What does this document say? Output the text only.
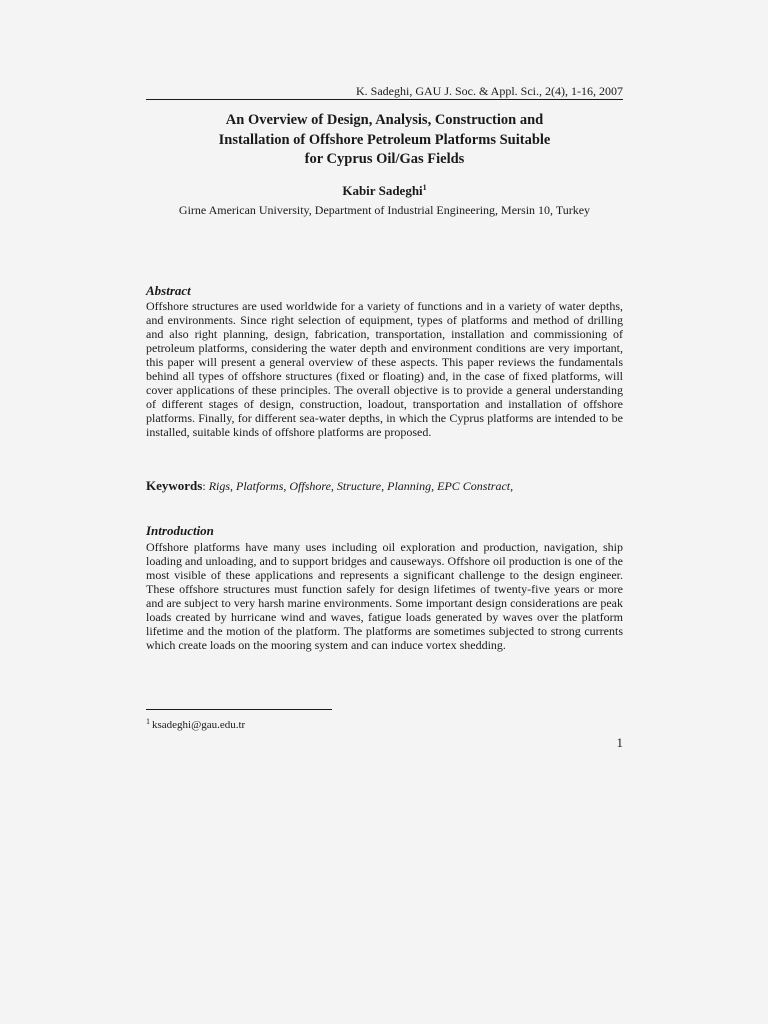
K. Sadeghi, GAU J. Soc. & Appl. Sci., 2(4), 1-16, 2007
An Overview of Design, Analysis, Construction and
Installation of Offshore Petroleum Platforms Suitable
for Cyprus Oil/Gas Fields
Kabir Sadeghi$^1$
Girne American University, Department of Industrial Engineering, Mersin 10, Turkey
Abstract
Offshore structures are used worldwide for a variety of functions and in a variety of water depths, and environments. Since right selection of equipment, types of platforms and method of drilling and also right planning, design, fabrication, transportation, installation and commissioning of petroleum platforms, considering the water depth and environment conditions are very important, this paper will present a general overview of these aspects. This paper reviews the fundamentals behind all types of offshore structures (fixed or floating) and, in the case of fixed platforms, will cover applications of these principles. The overall objective is to provide a general understanding of different stages of design, construction, loadout, transportation and installation of offshore platforms. Finally, for different sea-water depths, in which the Cyprus platforms are intended to be installed, suitable kinds of offshore platforms are proposed.
Keywords: Rigs, Platforms, Offshore, Structure, Planning, EPC Constract,
Introduction
Offshore platforms have many uses including oil exploration and production, navigation, ship loading and unloading, and to support bridges and causeways. Offshore oil production is one of the most visible of these applications and represents a significant challenge to the design engineer. These offshore structures must function safely for design lifetimes of twenty-five years or more and are subject to very harsh marine environments. Some important design considerations are peak loads created by hurricane wind and waves, fatigue loads generated by waves over the platform lifetime and the motion of the platform. The platforms are sometimes subjected to strong currents which create loads on the mooring system and can induce vortex shedding.
$^1$ ksadeghi@gau.edu.tr
1
